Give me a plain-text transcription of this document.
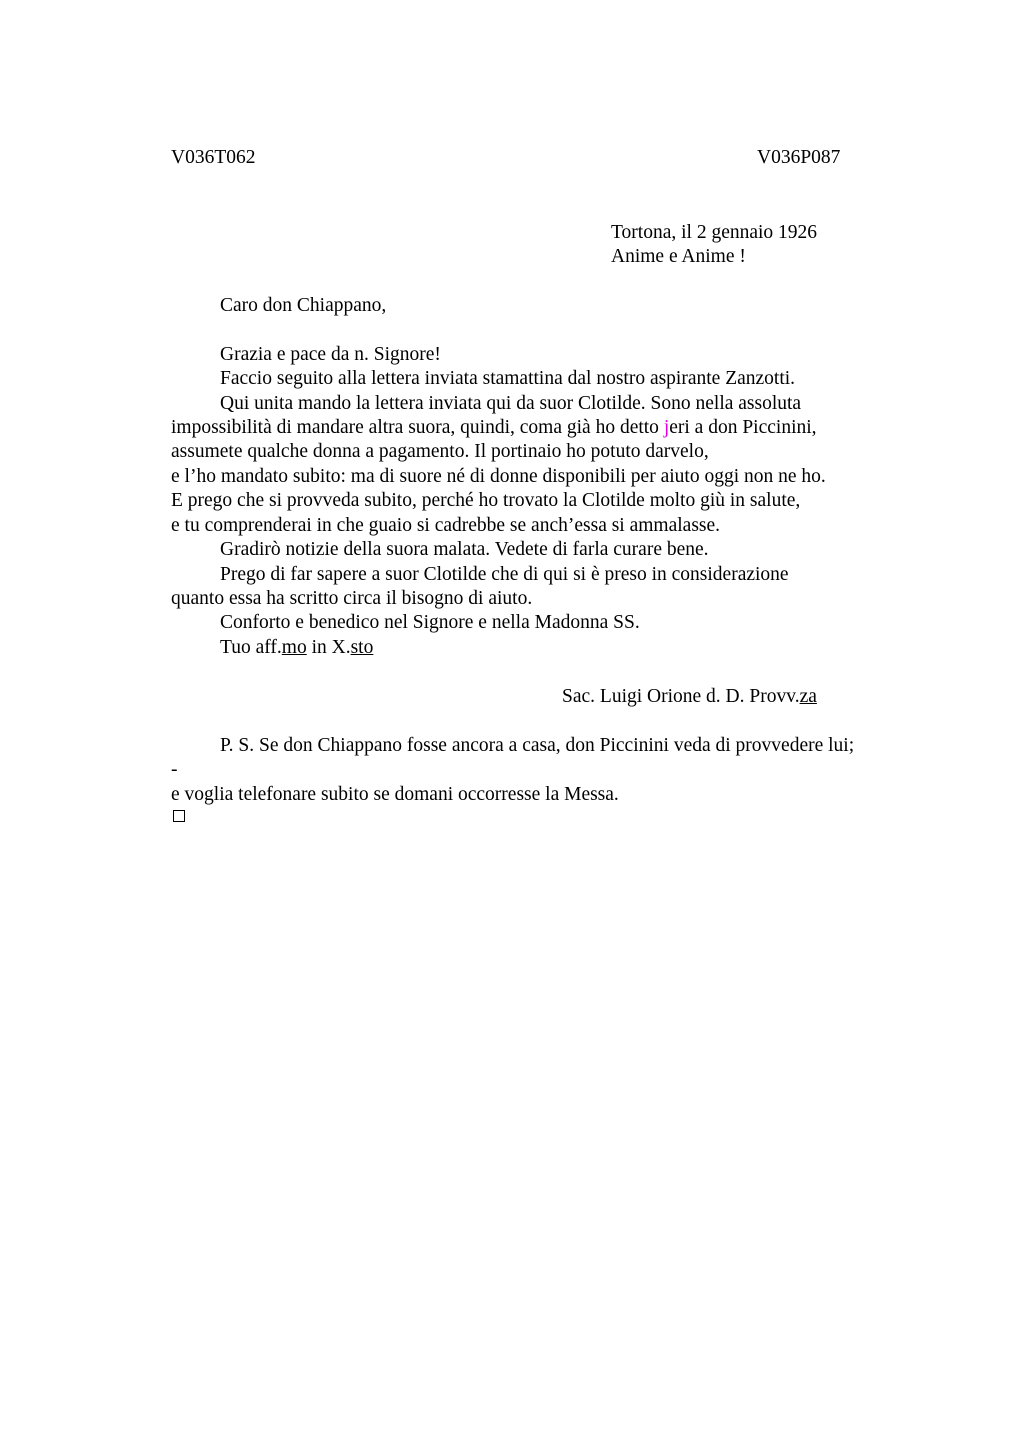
V036T062	V036P087
Tortona, il 2 gennaio 1926
Anime e Anime !
Caro don Chiappano,
Grazia e pace da n. Signore!
Faccio seguito alla lettera inviata stamattina dal nostro aspirante Zanzotti.
Qui unita mando la lettera inviata qui da suor Clotilde. Sono nella assoluta
impossibilità di mandare altra suora, quindi, coma già ho detto jeri a don Piccinini,
assumete qualche donna a pagamento. Il portinaio ho potuto darvelo,
e l’ho mandato subito: ma di suore né di donne disponibili per aiuto oggi non ne ho.
E prego che si provveda subito, perché ho trovato la Clotilde molto giù in salute,
e tu comprenderai in che guaio si cadrebbe se anch’essa si ammalasse.
Gradirò notizie della suora malata. Vedete di farla curare bene.
Prego di far sapere a suor Clotilde che di qui si è preso in considerazione
quanto essa ha scritto circa il bisogno di aiuto.
Conforto e benedico nel Signore e nella Madonna SS.
Tuo aff.mo in X.sto
Sac. Luigi Orione d. D. Provv.za
P. S. Se don Chiappano fosse ancora a casa, don Piccinini veda di provvedere lui;
-
e voglia telefonare subito se domani occorresse la Messa.
